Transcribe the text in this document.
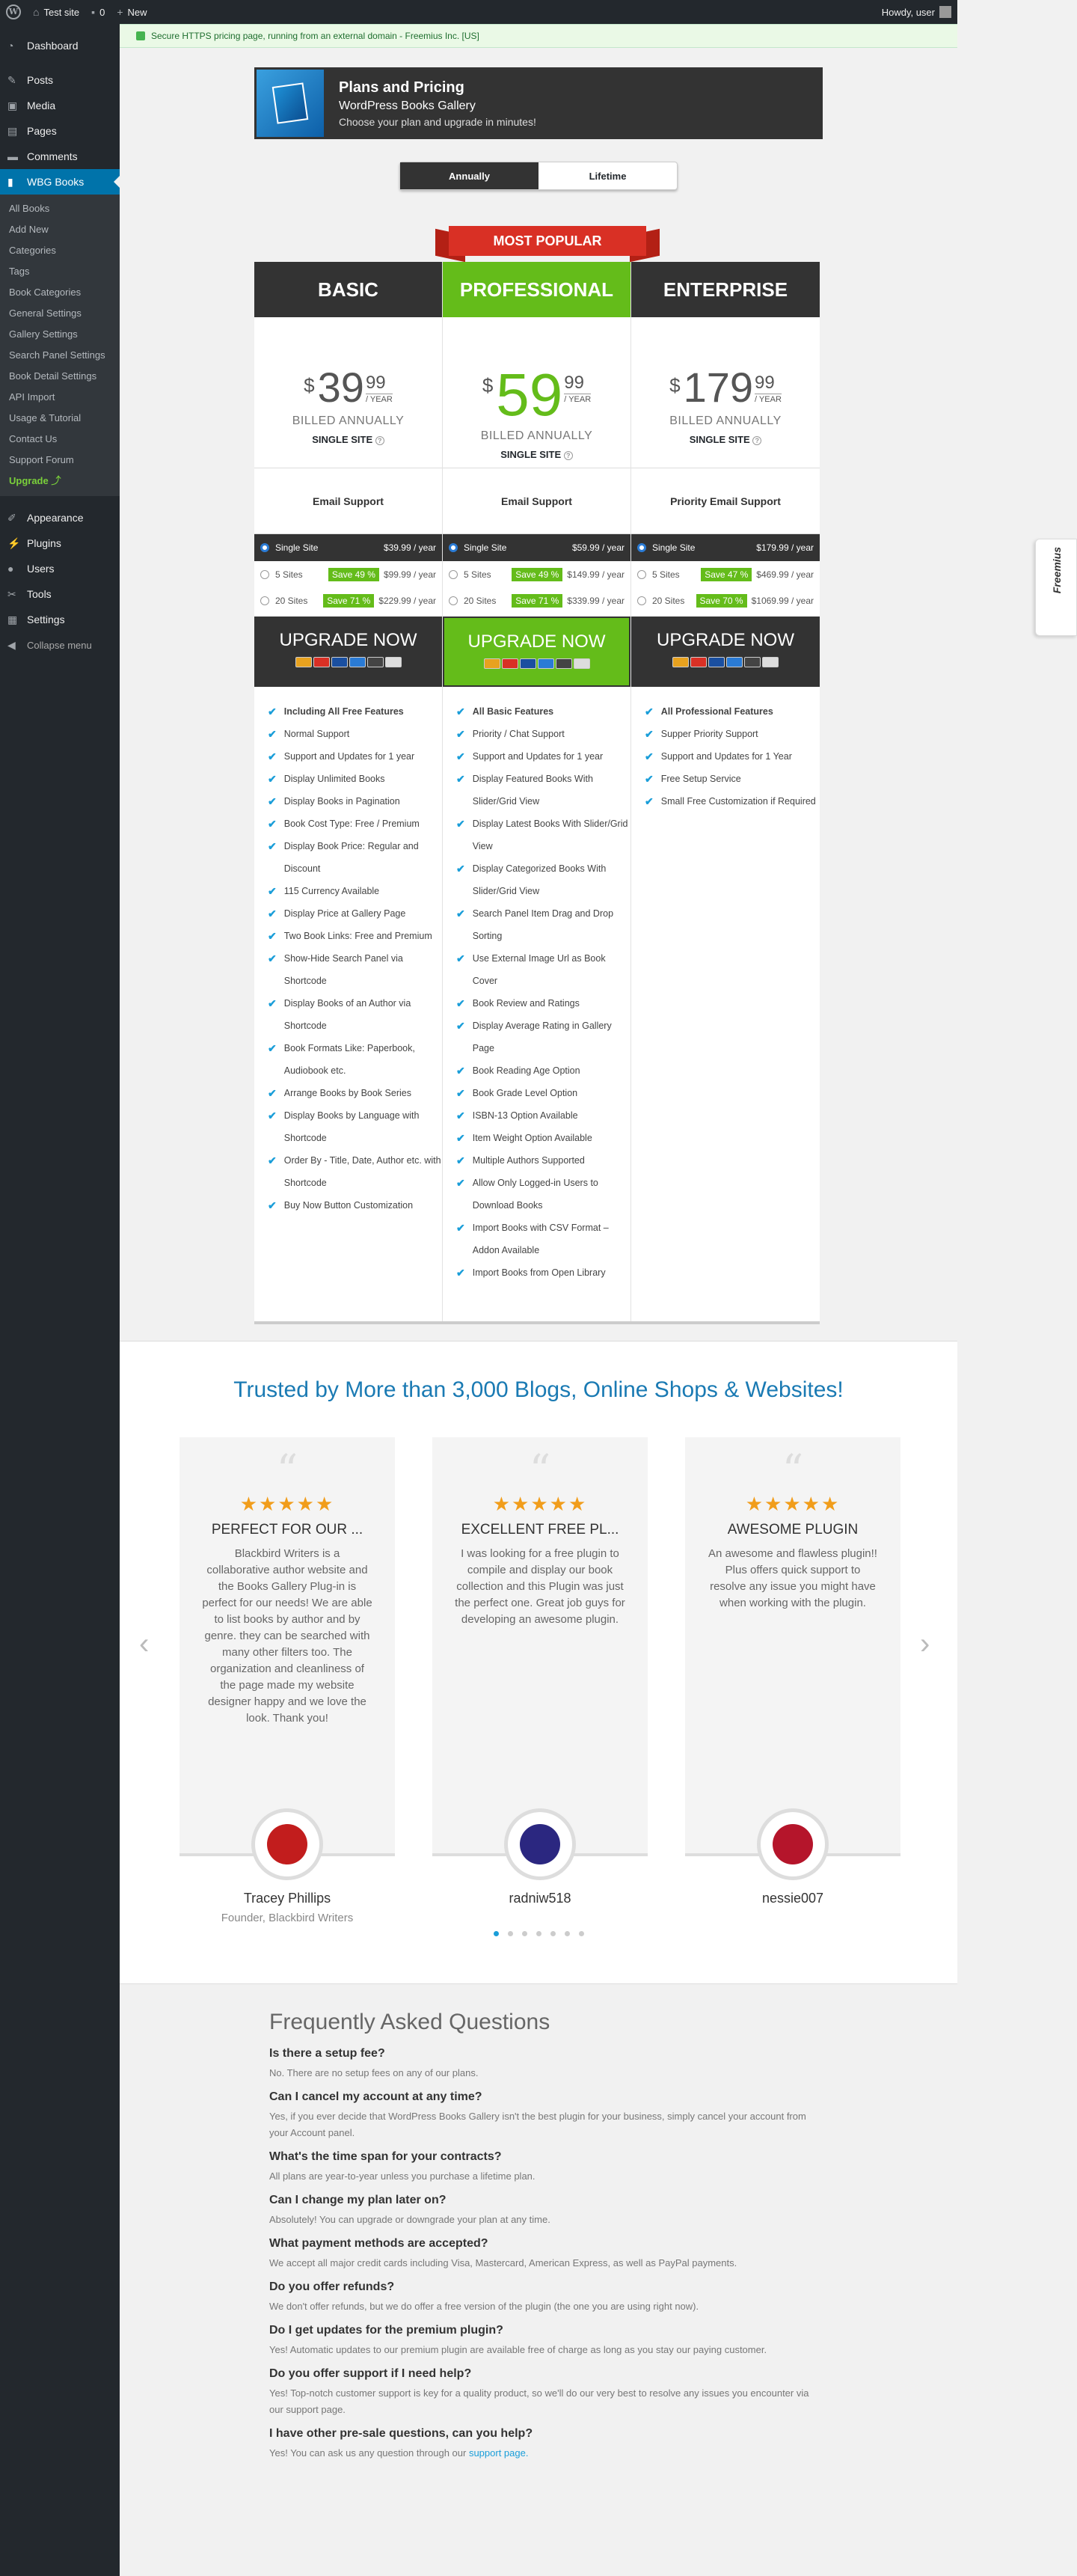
W ⌂ Test site ▪ 0 + New	Howdy, user
◔	Dashboard
✎	Posts
▣ Media
▤ Pages
▬ Comments
▮	WBG Books
All Books
Add New
Categories
Tags
Book Categories
General Settings
Gallery Settings
Search Panel Settings
Book Detail Settings
API Import
Usage & Tutorial
Contact Us
Support Forum
Upgrade ⤴
✐	Appearance
⚡ Plugins
●	Users
✂	Tools
▦ Settings
◀	Collapse menu
Secure HTTPS pricing page, running from an external domain - Freemius Inc. [US]
Plans and Pricing
WordPress Books Gallery
Choose your plan and upgrade in minutes!
Annually	Lifetime
MOST POPULAR
BASIC
$ 39 99
/ YEAR
BILLED ANNUALLY
SINGLE SITE ?
Email Support
Single Site	$39.99 / year
5 Sites	Save 49 % $99.99 / year
20 Sites	Save 71 % $229.99 / year
UPGRADE NOW
✔ Including All Free Features
✔ Normal Support
✔ Support and Updates for 1 year
✔ Display Unlimited Books
✔ Display Books in Pagination
✔ Book Cost Type: Free / Premium
✔ Display Book Price: Regular and Discount
✔ 115 Currency Available
✔ Display Price at Gallery Page
✔ Two Book Links: Free and Premium
✔ Show-Hide Search Panel via Shortcode
✔ Display Books of an Author via Shortcode
✔ Book Formats Like: Paperbook, Audiobook etc.
✔ Arrange Books by Book Series
✔ Display Books by Language with Shortcode
✔ Order By - Title, Date, Author etc. with Shortcode
✔ Buy Now Button Customization
PROFESSIONAL
$ 59 99
/ YEAR
BILLED ANNUALLY
SINGLE SITE ?
Email Support
Single Site	$59.99 / year
5 Sites	Save 49 % $149.99 / year
20 Sites	Save 71 % $339.99 / year
UPGRADE NOW
✔ All Basic Features
✔ Priority / Chat Support
✔ Support and Updates for 1 year
✔ Display Featured Books With Slider/Grid View
✔ Display Latest Books With Slider/Grid View
✔ Display Categorized Books With Slider/Grid View
✔ Search Panel Item Drag and Drop Sorting
✔ Use External Image Url as Book Cover
✔ Book Review and Ratings
✔ Display Average Rating in Gallery Page
✔ Book Reading Age Option
✔ Book Grade Level Option
✔ ISBN-13 Option Available
✔ Item Weight Option Available
✔ Multiple Authors Supported
✔ Allow Only Logged-in Users to Download Books
✔ Import Books with CSV Format – Addon Available
✔ Import Books from Open Library
ENTERPRISE
$ 179 99
/ YEAR
BILLED ANNUALLY
SINGLE SITE ?
Priority Email Support
Single Site	$179.99 / year
5 Sites	Save 47 % $469.99 / year
20 Sites	Save 70 % $1069.99 / year
UPGRADE NOW
✔ All Professional Features
✔ Supper Priority Support
✔ Support and Updates for 1 Year
✔ Free Setup Service
✔ Small Free Customization if Required
Freemius
Trusted by More than 3,000 Blogs, Online Shops & Websites!
‹	›
“
★★★★★
PERFECT FOR OUR ...
Blackbird Writers is a collaborative author website and the Books Gallery Plug-in is perfect for our needs! We are able to list books by author and by genre. they can be searched with many other filters too. The organization and cleanliness of the page made my website designer happy and we love the look. Thank you!
Tracey Phillips
Founder, Blackbird Writers
“
★★★★★
EXCELLENT FREE PL...
I was looking for a free plugin to compile and display our book collection and this Plugin was just the perfect one. Great job guys for developing an awesome plugin.
radniw518
“
★★★★★
AWESOME PLUGIN
An awesome and flawless plugin!! Plus offers quick support to resolve any issue you might have when working with the plugin.
nessie007
Frequently Asked Questions
Is there a setup fee?
No. There are no setup fees on any of our plans.
Can I cancel my account at any time?
Yes, if you ever decide that WordPress Books Gallery isn't the best plugin for your business, simply cancel your account from your Account panel.
What's the time span for your contracts?
All plans are year-to-year unless you purchase a lifetime plan.
Can I change my plan later on?
Absolutely! You can upgrade or downgrade your plan at any time.
What payment methods are accepted?
We accept all major credit cards including Visa, Mastercard, American Express, as well as PayPal payments.
Do you offer refunds?
We don't offer refunds, but we do offer a free version of the plugin (the one you are using right now).
Do I get updates for the premium plugin?
Yes! Automatic updates to our premium plugin are available free of charge as long as you stay our paying customer.
Do you offer support if I need help?
Yes! Top-notch customer support is key for a quality product, so we'll do our very best to resolve any issues you encounter via our support page.
I have other pre-sale questions, can you help?
Yes! You can ask us any question through our support page.
